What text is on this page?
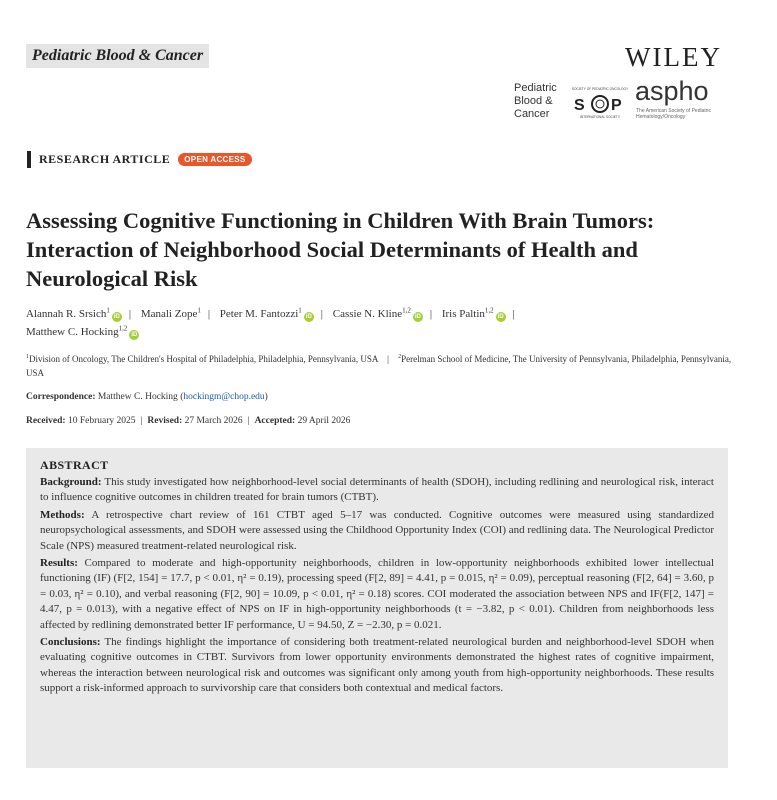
Pediatric Blood & Cancer	WILEY
Pediatric
Blood &
Cancer
SOCIETY OF PEDIATRIC ONCOLOGY
S P
INTERNATIONAL SOCIETY
aspho
The American Society of Pediatric Hematology/Oncology
RESEARCH ARTICLE	OPEN ACCESS
Assessing Cognitive Functioning in Children With Brain Tumors: Interaction of Neighborhood Social Determinants of Health and Neurological Risk
Alannah R. Srsich$^1$iD | Manali Zope$^1$ | Peter M. Fantozzi$^1$iD | Cassie N. Kline$^{1,2}$iD | Iris Paltin$^{1,2}$iD |
Matthew C. Hocking$^{1,2}$iD
$^1$Division of Oncology, The Children's Hospital of Philadelphia, Philadelphia, Pennsylvania, USA | $^2$Perelman School of Medicine, The University of Pennsylvania, Philadelphia, Pennsylvania, USA
Correspondence: Matthew C. Hocking (hockingm@chop.edu)
Received: 10 February 2025 | Revised: 27 March 2026 | Accepted: 29 April 2026
ABSTRACT

Background: This study investigated how neighborhood-level social determinants of health (SDOH), including redlining and neurological risk, interact to influence cognitive outcomes in children treated for brain tumors (CTBT).

Methods: A retrospective chart review of 161 CTBT aged 5–17 was conducted. Cognitive outcomes were measured using standardized neuropsychological assessments, and SDOH were assessed using the Childhood Opportunity Index (COI) and redlining data. The Neurological Predictor Scale (NPS) measured treatment-related neurological risk.

Results: Compared to moderate and high-opportunity neighborhoods, children in low-opportunity neighborhoods exhibited lower intellectual functioning (IF) (F[2, 154] = 17.7, p < 0.01, η² = 0.19), processing speed (F[2, 89] = 4.41, p = 0.015, η² = 0.09), perceptual reasoning (F[2, 64] = 3.60, p = 0.03, η² = 0.10), and verbal reasoning (F[2, 90] = 10.09, p < 0.01, η² = 0.18) scores. COI moderated the association between NPS and IF(F[2, 147] = 4.47, p = 0.013), with a negative effect of NPS on IF in high-opportunity neighborhoods (t = −3.82, p < 0.01). Children from neighborhoods less affected by redlining demonstrated better IF performance, U = 94.50, Z = −2.30, p = 0.021.

Conclusions: The findings highlight the importance of considering both treatment-related neurological burden and neighborhood-level SDOH when evaluating cognitive outcomes in CTBT. Survivors from lower opportunity environments demonstrated the highest rates of cognitive impairment, whereas the interaction between neurological risk and outcomes was significant only among youth from high-opportunity neighborhoods. These results support a risk-informed approach to survivorship care that considers both contextual and medical factors.
